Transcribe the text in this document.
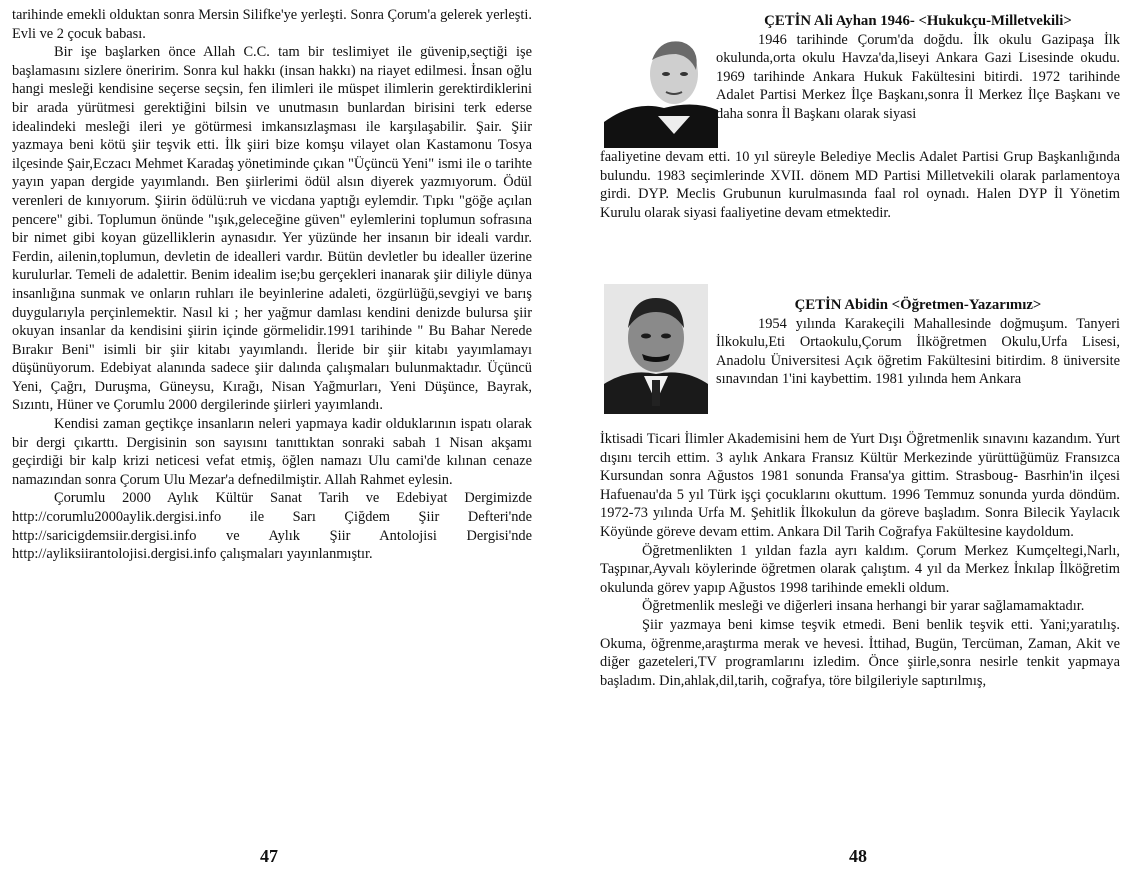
tarihinde emekli olduktan sonra Mersin Silifke'ye yerleşti. Sonra Çorum'a gelerek yerleşti. Evli ve 2 çocuk babası.

Bir işe başlarken önce Allah C.C. tam bir teslimiyet ile güvenip,seçtiği işe başlamasını sizlere öneririm. Sonra kul hakkı (insan hakkı) na riayet edilmesi. İnsan oğlu hangi mesleği kendisine seçerse seçsin, fen ilimleri ile müspet ilimlerin gerektirdiklerini bir arada yürütmesi gerektiğini bilsin ve unutmasın bunlardan birisini terk ederse idealindeki mesleği ileri ye götürmesi imkansızlaşması ile karşılaşabilir. Şair. Şiir yazmaya beni kötü şiir teşvik etti. İlk şiiri bize komşu vilayet olan Kastamonu Tosya ilçesinde Şair,Eczacı Mehmet Karadaş yönetiminde çıkan "Üçüncü Yeni" ismi ile o tarihte yayın yapan dergide yayımlandı. Ben şiirlerimi ödül alsın diyerek yazmıyorum. Ödül verenleri de kınıyorum. Şiirin ödülü:ruh ve vicdana yaptığı eylemdir. Tıpkı "göğe açılan pencere" gibi. Toplumun önünde "ışık,geleceğine güven" eylemlerini toplumun sofrasına bir nimet gibi koyan güzelliklerin aynasıdır. Yer yüzünde her insanın bir ideali vardır. Ferdin, ailenin,toplumun, devletin de idealleri vardır. Bütün devletler bu idealler üzerine kurulurlar. Temeli de adalettir. Benim idealim ise;bu gerçekleri inanarak şiir diliyle dünya insanlığına sunmak ve onların ruhları ile beyinlerine adaleti, özgürlüğü,sevgiyi ve barış duygularıyla perçinlemektir. Nasıl ki ; her yağmur damlası kendini denizde bulursa şiir okuyan insanlar da kendisini şiirin içinde görmelidir.1991 tarihinde " Bu Bahar Nerede Bırakır Beni" isimli bir şiir kitabı yayımlandı. İleride bir şiir kitabı yayımlamayı düşünüyorum. Edebiyat alanında sadece şiir dalında çalışmaları bulunmaktadır. Üçüncü Yeni, Çağrı, Duruşma, Güneysu, Kırağı, Nisan Yağmurları, Yeni Düşünce, Bayrak, Sızıntı, Hüner ve Çorumlu 2000 dergilerinde şiirleri yayımlandı.

Kendisi zaman geçtikçe insanların neleri yapmaya kadir olduklarının ispatı olarak bir dergi çıkarttı. Dergisinin son sayısını tanıttıktan sonraki sabah 1 Nisan akşamı geçirdiği bir kalp krizi neticesi vefat etmiş, öğlen namazı Ulu cami'de kılınan cenaze namazından sonra Çorum Ulu Mezar'a defnedilmiştir. Allah Rahmet eylesin.

Çorumlu 2000 Aylık Kültür Sanat Tarih ve Edebiyat Dergimizde http://corumlu2000aylik.dergisi.info ile Sarı Çiğdem Şiir Defteri'nde http://saricigdemsiir.dergisi.info ve Aylık Şiir Antolojisi Dergisi'nde http://ayliksiirantolojisi.dergisi.info çalışmaları yayınlanmıştır.

47
ÇETİN Ali Ayhan 1946- <Hukukçu-Milletvekili>

1946 tarihinde Çorum'da doğdu. İlk okulu Gazipaşa İlk okulunda,orta okulu Havza'da,liseyi Ankara Gazi Lisesinde okudu. 1969 tarihinde Ankara Hukuk Fakültesini bitirdi. 1972 tarihinde Adalet Partisi Merkez İlçe Başkanı,sonra İl Merkez İlçe Başkanı ve daha sonra İl Başkanı olarak siyasi

faaliyetine devam etti. 10 yıl süreyle Belediye Meclis Adalet Partisi Grup Başkanlığında bulundu. 1983 seçimlerinde XVII. dönem MD Partisi Milletvekili olarak parlamentoya girdi. DYP. Meclis Grubunun kurulmasında faal rol oynadı. Halen DYP İl Yönetim Kurulu olarak siyasi faaliyetine devam etmektedir.

ÇETİN Abidin <Öğretmen-Yazarımız>

1954 yılında Karakeçili Mahallesinde doğmuşum. Tanyeri İlkokulu,Eti Ortaokulu,Çorum İlköğretmen Okulu,Urfa Lisesi, Anadolu Üniversitesi Açık öğretim Fakültesini bitirdim. 8 üniversite sınavından 1'ini kaybettim. 1981 yılında hem Ankara

İktisadi Ticari İlimler Akademisini hem de Yurt Dışı Öğretmenlik sınavını kazandım. Yurt dışını tercih ettim. 3 aylık Ankara Fransız Kültür Merkezinde yürüttüğümüz Fransızca Kursundan sonra Ağustos 1981 sonunda Fransa'ya gittim. Strasboug- Basrhin'in ilçesi Hafuenau'da 5 yıl Türk işçi çocuklarını okuttum. 1996 Temmuz sonunda yurda döndüm. 1972-73 yılında Urfa M. Şehitlik İlkokulun da göreve başladım. Sonra Bilecik Yaylacık Köyünde göreve devam ettim. Ankara Dil Tarih Coğrafya Fakültesine kaydoldum.

Öğretmenlikten 1 yıldan fazla ayrı kaldım. Çorum Merkez Kumçeltegi,Narlı, Taşpınar,Ayvalı köylerinde öğretmen olarak çalıştım. 4 yıl da Merkez İnkılap İlköğretim okulunda görev yapıp Ağustos 1998 tarihinde emekli oldum.

Öğretmenlik mesleği ve diğerleri insana herhangi bir yarar sağlamamaktadır.

Şiir yazmaya beni kimse teşvik etmedi. Beni benlik teşvik etti. Yani;yaratılış. Okuma, öğrenme,araştırma merak ve hevesi. İttihad, Bugün, Tercüman, Zaman, Akit ve diğer gazeteleri,TV programlarını izledim. Önce şiirle,sonra nesirle tenkit yapmaya başladım. Din,ahlak,dil,tarih, coğrafya, töre bilgileriyle saptırılmış,

48
